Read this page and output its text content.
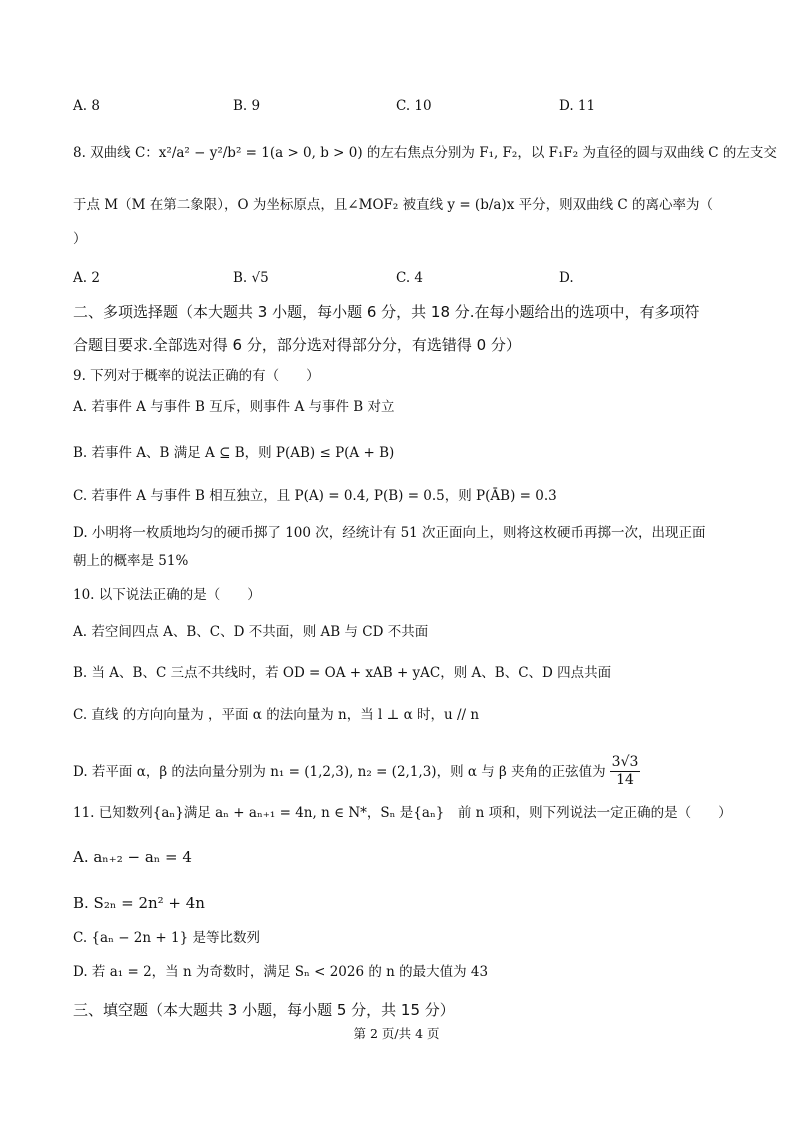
A. 8	B. 9	C. 10	D. 11
8. 双曲线 C：x²/a² − y²/b² = 1(a > 0, b > 0) 的左右焦点分别为 F₁, F₂，以 F₁F₂ 为直径的圆与双曲线 C 的左支交
于点 M（M 在第二象限），O 为坐标原点，且∠MOF₂ 被直线 y = (b/a)x 平分，则双曲线 C 的离心率为（
）
A. 2	B. √5	C. 4	D.
二、多项选择题（本大题共 3 小题，每小题 6 分，共 18 分.在每小题给出的选项中，有多项符
合题目要求.全部选对得 6 分，部分选对得部分分，有选错得 0 分）
9. 下列对于概率的说法正确的有（　　）
A. 若事件 A 与事件 B 互斥，则事件 A 与事件 B 对立
B. 若事件 A、B 满足 A ⊆ B，则 P(AB) ≤ P(A + B)
C. 若事件 A 与事件 B 相互独立，且 P(A) = 0.4, P(B) = 0.5，则 P(ĀB) = 0.3
D. 小明将一枚质地均匀的硬币掷了 100 次，经统计有 51 次正面向上，则将这枚硬币再掷一次，出现正面
朝上的概率是 51%
10. 以下说法正确的是（　　）
A. 若空间四点 A、B、C、D 不共面，则 AB 与 CD 不共面
B. 当 A、B、C 三点不共线时，若 OD = OA + xAB + yAC，则 A、B、C、D 四点共面
C. 直线 的方向向量为 ，平面 α 的法向量为 n，当 l ⊥ α 时，u // n
D. 若平面 α，β 的法向量分别为 n₁ = (1,2,3), n₂ = (2,1,3)，则 α 与 β 夹角的正弦值为 $\frac{3√3}{14}$
11. 已知数列{aₙ}满足 aₙ + aₙ₊₁ = 4n, n ∈ N*，Sₙ 是{aₙ}　前 n 项和，则下列说法一定正确的是（　　）
A. aₙ₊₂ − aₙ = 4
B. S₂ₙ = 2n² + 4n
C. {aₙ − 2n + 1} 是等比数列
D. 若 a₁ = 2，当 n 为奇数时，满足 Sₙ < 2026 的 n 的最大值为 43
三、填空题（本大题共 3 小题，每小题 5 分，共 15 分）
第 2 页/共 4 页
